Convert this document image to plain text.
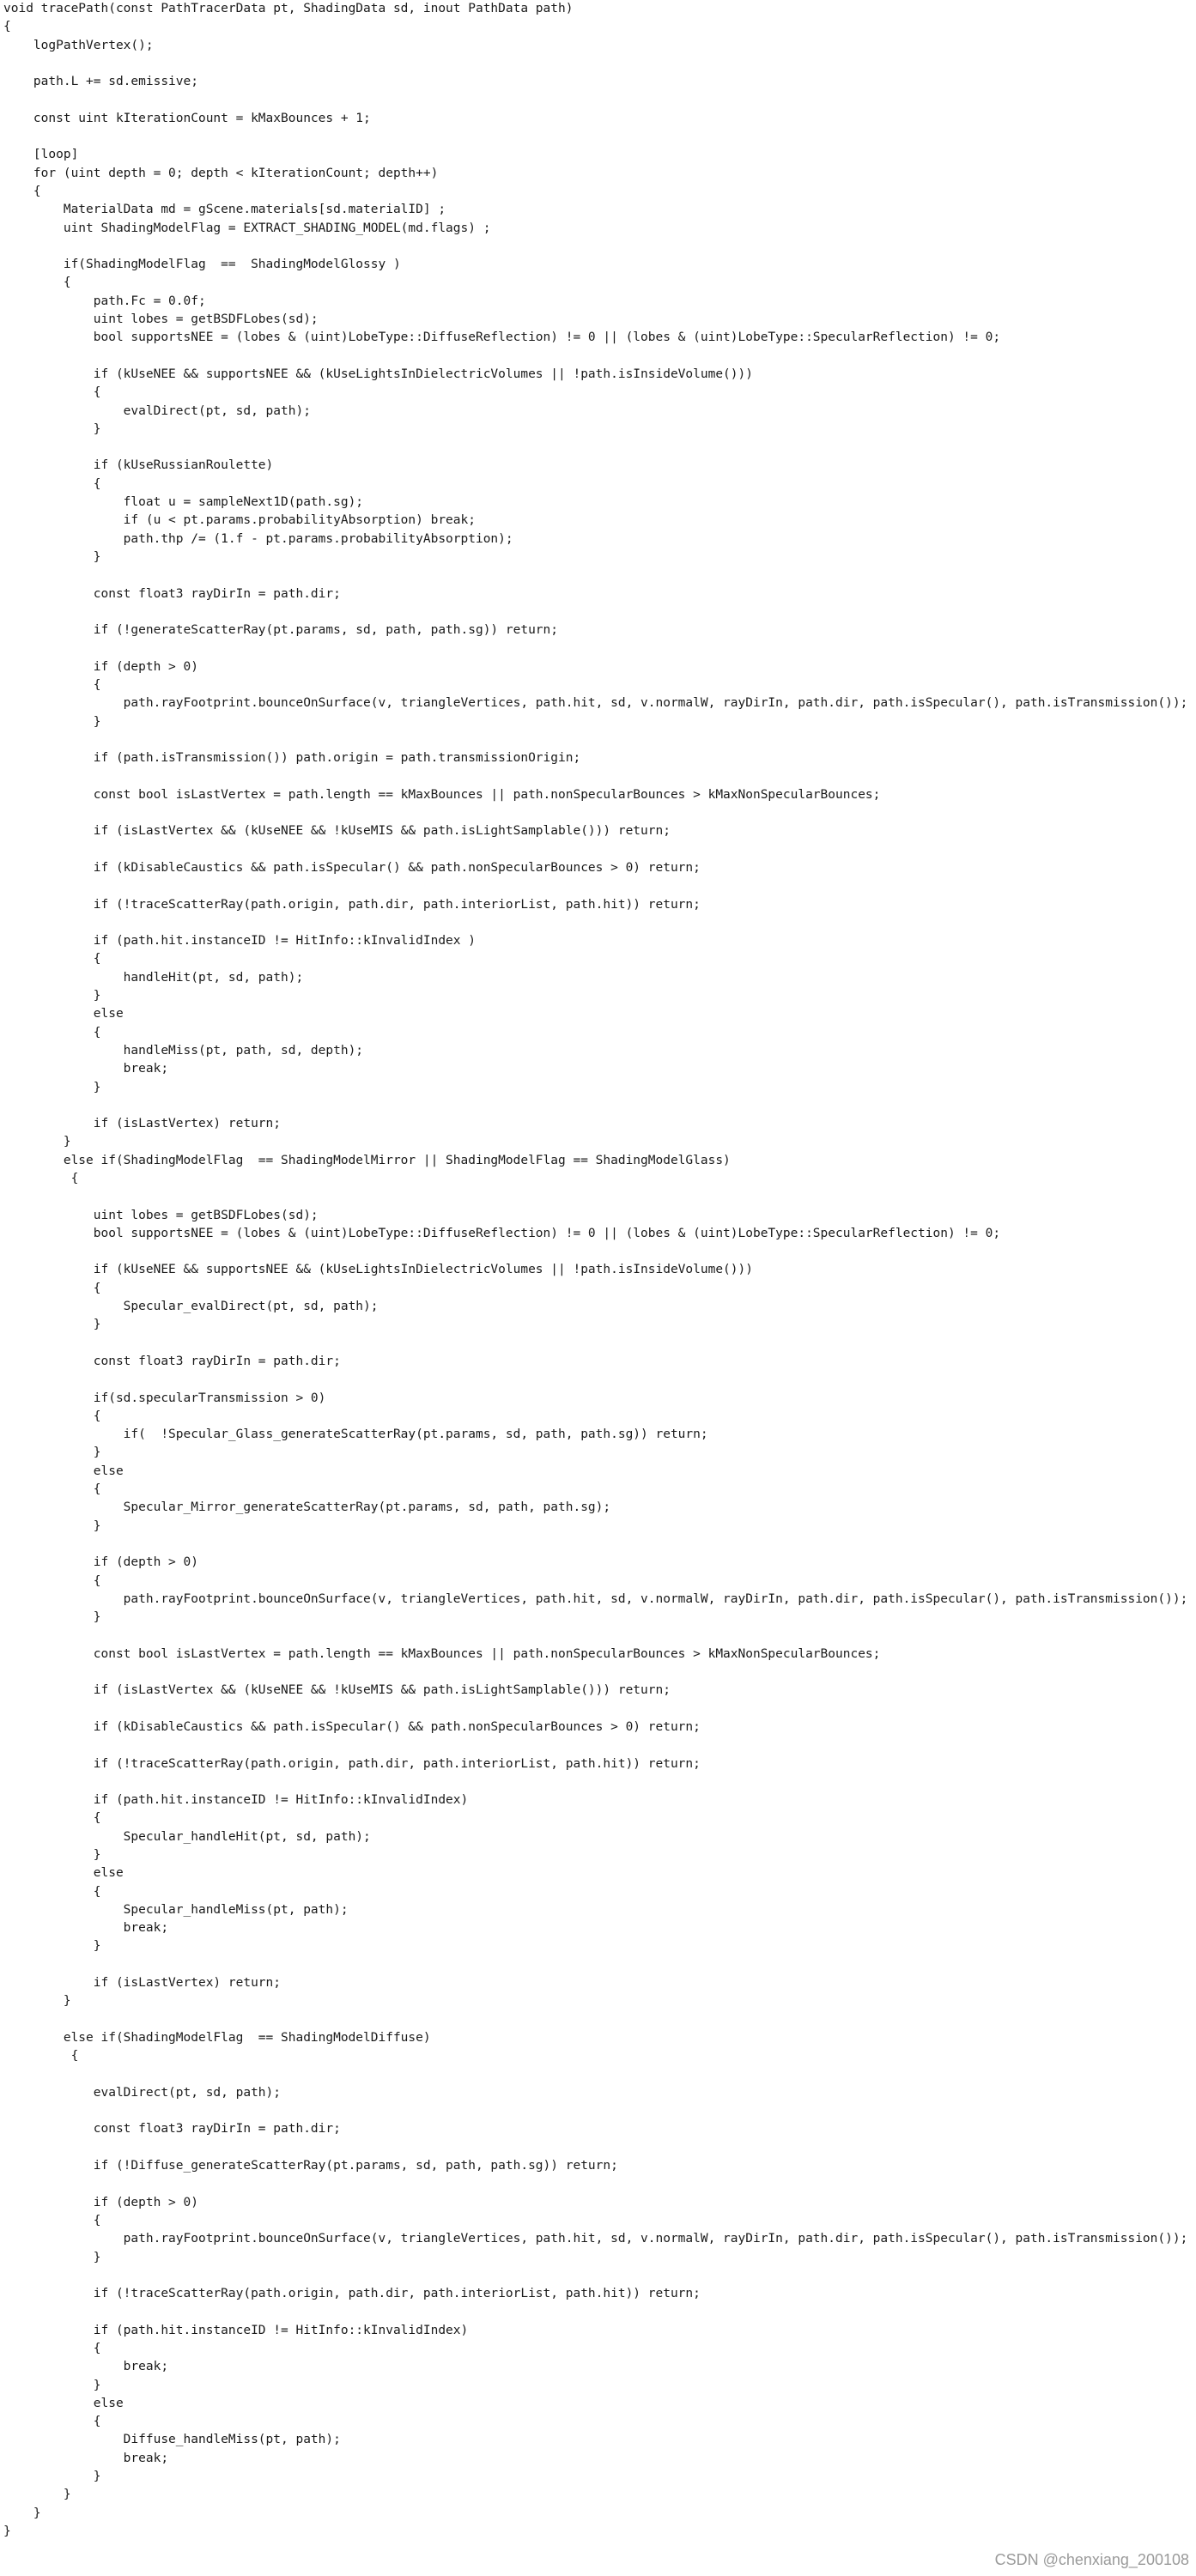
void tracePath(const PathTracerData pt, ShadingData sd, inout PathData path)
{
logPathVertex();

path.L += sd.emissive;

const uint kIterationCount = kMaxBounces + 1;

[loop]
for (uint depth = 0; depth < kIterationCount; depth++)
{
MaterialData md = gScene.materials[sd.materialID] ;
uint ShadingModelFlag = EXTRACT_SHADING_MODEL(md.flags) ;

if(ShadingModelFlag  ==  ShadingModelGlossy )
{
path.Fc = 0.0f;
uint lobes = getBSDFLobes(sd);
bool supportsNEE = (lobes & (uint)LobeType::DiffuseReflection) != 0 || (lobes & (uint)LobeType::SpecularReflection) != 0;

if (kUseNEE && supportsNEE && (kUseLightsInDielectricVolumes || !path.isInsideVolume()))
{
evalDirect(pt, sd, path);
}

if (kUseRussianRoulette)
{
float u = sampleNext1D(path.sg);
if (u < pt.params.probabilityAbsorption) break;
path.thp /= (1.f - pt.params.probabilityAbsorption);
}

const float3 rayDirIn = path.dir;

if (!generateScatterRay(pt.params, sd, path, path.sg)) return;

if (depth > 0)
{
path.rayFootprint.bounceOnSurface(v, triangleVertices, path.hit, sd, v.normalW, rayDirIn, path.dir, path.isSpecular(), path.isTransmission());
}

if (path.isTransmission()) path.origin = path.transmissionOrigin;

const bool isLastVertex = path.length == kMaxBounces || path.nonSpecularBounces > kMaxNonSpecularBounces;

if (isLastVertex && (kUseNEE && !kUseMIS && path.isLightSamplable())) return;

if (kDisableCaustics && path.isSpecular() && path.nonSpecularBounces > 0) return;

if (!traceScatterRay(path.origin, path.dir, path.interiorList, path.hit)) return;

if (path.hit.instanceID != HitInfo::kInvalidIndex )
{
handleHit(pt, sd, path);
}
else
{
handleMiss(pt, path, sd, depth);
break;
}

if (isLastVertex) return;
}
else if(ShadingModelFlag  == ShadingModelMirror || ShadingModelFlag == ShadingModelGlass)
{

uint lobes = getBSDFLobes(sd);
bool supportsNEE = (lobes & (uint)LobeType::DiffuseReflection) != 0 || (lobes & (uint)LobeType::SpecularReflection) != 0;

if (kUseNEE && supportsNEE && (kUseLightsInDielectricVolumes || !path.isInsideVolume()))
{
Specular_evalDirect(pt, sd, path);
}

const float3 rayDirIn = path.dir;

if(sd.specularTransmission > 0)
{
if(  !Specular_Glass_generateScatterRay(pt.params, sd, path, path.sg)) return;
}
else
{
Specular_Mirror_generateScatterRay(pt.params, sd, path, path.sg);
}

if (depth > 0)
{
path.rayFootprint.bounceOnSurface(v, triangleVertices, path.hit, sd, v.normalW, rayDirIn, path.dir, path.isSpecular(), path.isTransmission());
}

const bool isLastVertex = path.length == kMaxBounces || path.nonSpecularBounces > kMaxNonSpecularBounces;

if (isLastVertex && (kUseNEE && !kUseMIS && path.isLightSamplable())) return;

if (kDisableCaustics && path.isSpecular() && path.nonSpecularBounces > 0) return;

if (!traceScatterRay(path.origin, path.dir, path.interiorList, path.hit)) return;

if (path.hit.instanceID != HitInfo::kInvalidIndex)
{
Specular_handleHit(pt, sd, path);
}
else
{
Specular_handleMiss(pt, path);
break;
}

if (isLastVertex) return;
}

else if(ShadingModelFlag  == ShadingModelDiffuse)
{

evalDirect(pt, sd, path);

const float3 rayDirIn = path.dir;

if (!Diffuse_generateScatterRay(pt.params, sd, path, path.sg)) return;

if (depth > 0)
{
path.rayFootprint.bounceOnSurface(v, triangleVertices, path.hit, sd, v.normalW, rayDirIn, path.dir, path.isSpecular(), path.isTransmission());
}

if (!traceScatterRay(path.origin, path.dir, path.interiorList, path.hit)) return;

if (path.hit.instanceID != HitInfo::kInvalidIndex)
{
break;
}
else
{
Diffuse_handleMiss(pt, path);
break;
}
}
}
}
CSDN @chenxiang_200108
